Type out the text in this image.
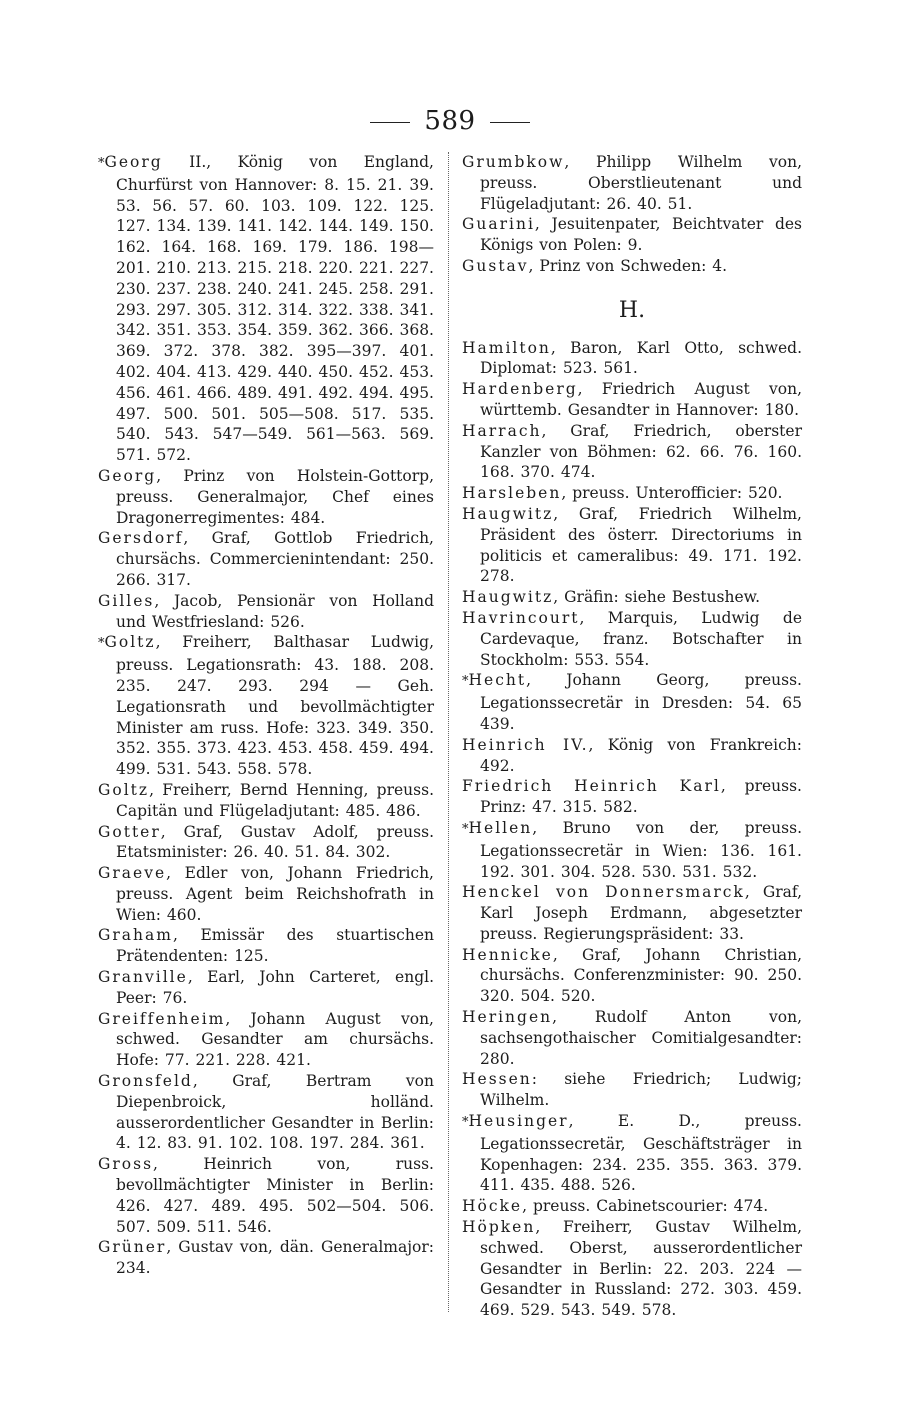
589

*Georg II., König von England, Churfürst von Hannover: 8. 15. 21. 39. 53. 56. 57. 60. 103. 109. 122. 125. 127. 134. 139. 141. 142. 144. 149. 150. 162. 164. 168. 169. 179. 186. 198—201. 210. 213. 215. 218. 220. 221. 227. 230. 237. 238. 240. 241. 245. 258. 291. 293. 297. 305. 312. 314. 322. 338. 341. 342. 351. 353. 354. 359. 362. 366. 368. 369. 372. 378. 382. 395—397. 401. 402. 404. 413. 429. 440. 450. 452. 453. 456. 461. 466. 489. 491. 492. 494. 495. 497. 500. 501. 505—508. 517. 535. 540. 543. 547—549. 561—563. 569. 571. 572.

Georg, Prinz von Holstein-Gottorp, preuss. Generalmajor, Chef eines Dragonerregimentes: 484.

Gersdorf, Graf, Gottlob Friedrich, chursächs. Commercienintendant: 250. 266. 317.

Gilles, Jacob, Pensionär von Holland und Westfriesland: 526.

*Goltz, Freiherr, Balthasar Ludwig, preuss. Legationsrath: 43. 188. 208. 235. 247. 293. 294 — Geh. Legationsrath und bevollmächtigter Minister am russ. Hofe: 323. 349. 350. 352. 355. 373. 423. 453. 458. 459. 494. 499. 531. 543. 558. 578.

Goltz, Freiherr, Bernd Henning, preuss. Capitän und Flügeladjutant: 485. 486.

Gotter, Graf, Gustav Adolf, preuss. Etatsminister: 26. 40. 51. 84. 302.

Graeve, Edler von, Johann Friedrich, preuss. Agent beim Reichshofrath in Wien: 460.

Graham, Emissär des stuartischen Prätendenten: 125.

Granville, Earl, John Carteret, engl. Peer: 76.

Greiffenheim, Johann August von, schwed. Gesandter am chursächs. Hofe: 77. 221. 228. 421.

Gronsfeld, Graf, Bertram von Diepenbroick, holländ. ausserordentlicher Gesandter in Berlin: 4. 12. 83. 91. 102. 108. 197. 284. 361.

Gross, Heinrich von, russ. bevollmächtigter Minister in Berlin: 426. 427. 489. 495. 502—504. 506. 507. 509. 511. 546.

Grüner, Gustav von, dän. Generalmajor: 234.

Grumbkow, Philipp Wilhelm von, preuss. Oberstlieutenant und Flügeladjutant: 26. 40. 51.

Guarini, Jesuitenpater, Beichtvater des Königs von Polen: 9.

Gustav, Prinz von Schweden: 4.

H.

Hamilton, Baron, Karl Otto, schwed. Diplomat: 523. 561.

Hardenberg, Friedrich August von, württemb. Gesandter in Hannover: 180.

Harrach, Graf, Friedrich, oberster Kanzler von Böhmen: 62. 66. 76. 160. 168. 370. 474.

Harsleben, preuss. Unterofficier: 520.

Haugwitz, Graf, Friedrich Wilhelm, Präsident des österr. Directoriums in politicis et cameralibus: 49. 171. 192. 278.

Haugwitz, Gräfin: siehe Bestushew.

Havrincourt, Marquis, Ludwig de Cardevaque, franz. Botschafter in Stockholm: 553. 554.

*Hecht, Johann Georg, preuss. Legationssecretär in Dresden: 54. 65 439.

Heinrich IV., König von Frankreich: 492.

Friedrich Heinrich Karl, preuss. Prinz: 47. 315. 582.

*Hellen, Bruno von der, preuss. Legationssecretär in Wien: 136. 161. 192. 301. 304. 528. 530. 531. 532.

Henckel von Donnersmarck, Graf, Karl Joseph Erdmann, abgesetzter preuss. Regierungspräsident: 33.

Hennicke, Graf, Johann Christian, chursächs. Conferenzminister: 90. 250. 320. 504. 520.

Heringen, Rudolf Anton von, sachsengothaischer Comitialgesandter: 280.

Hessen: siehe Friedrich; Ludwig; Wilhelm.

*Heusinger, E. D., preuss. Legationssecretär, Geschäftsträger in Kopenhagen: 234. 235. 355. 363. 379. 411. 435. 488. 526.

Höcke, preuss. Cabinetscourier: 474.

Höpken, Freiherr, Gustav Wilhelm, schwed. Oberst, ausserordentlicher Gesandter in Berlin: 22. 203. 224 — Gesandter in Russland: 272. 303. 459. 469. 529. 543. 549. 578.
